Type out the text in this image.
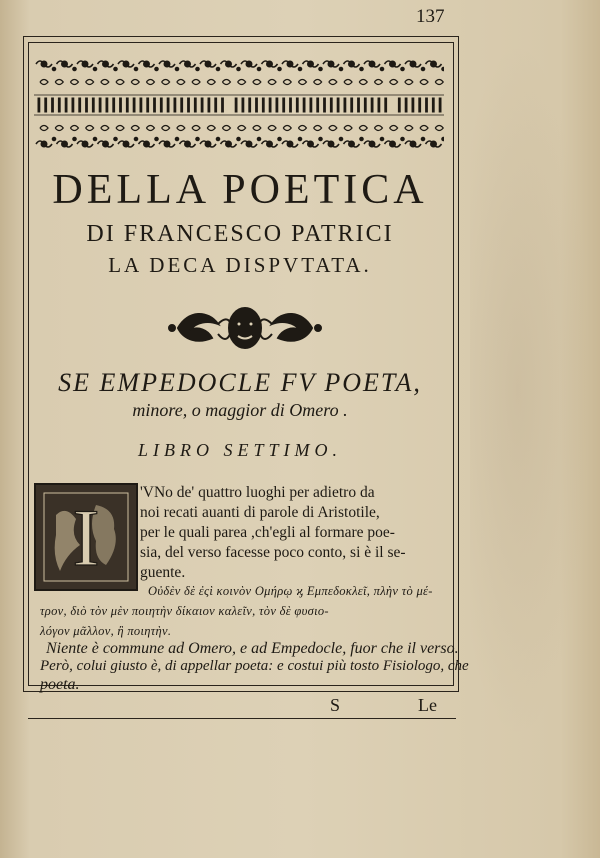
137
DELLA POETICA
DI FRANCESCO PATRICI
LA DECA DISPVTATA.
SE EMPEDOCLE FV POETA,
minore, o maggior di Omero .
LIBRO SETTIMO.
I	'VNo de' quattro luoghi per adietro da
noi recati auanti di parole di Aristotile,
per le quali parea ,ch'egli al formare poe-
sia, del verso facesse poco conto, si è il se-
guente.
Οὐδὲν δὲ ἐςὶ κοινὸν Ομήρῳ ϗ Εμπεδοκλεῖ, πλὴν τὸ μέ-
τρον, διὸ τὸν μὲν ποιητὴν δίκαιον καλεῖν, τὸν δὲ φυσιο-
λόγον μᾶλλον, ἢ ποιητὴν.
Niente è commune ad Omero, e ad Empedocle, fuor che il verso.
Però, colui giusto è, di appellar poeta: e costui più tosto Fisiologo, che
poeta.
S	Le
